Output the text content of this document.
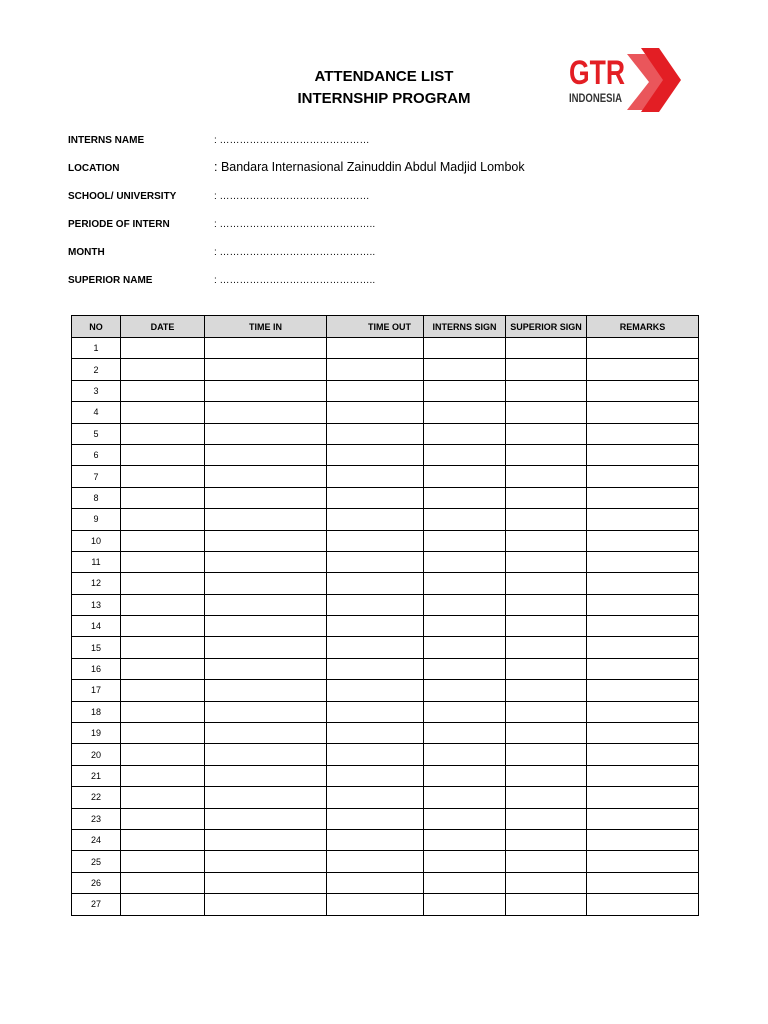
ATTENDANCE LIST
INTERNSHIP PROGRAM
GTR
INDONESIA
INTERNS NAME	: ………………………………………
LOCATION	: Bandara Internasional Zainuddin Abdul Madjid Lombok
SCHOOL/ UNIVERSITY	: ………………………………………
PERIODE OF INTERN	: ………………………………………..
MONTH	: ………………………………………..
SUPERIOR NAME	: ………………………………………..
NO	DATE	TIME IN	TIME OUT	INTERNS SIGN	SUPERIOR SIGN	REMARKS
1						
2						
3						
4						
5						
6						
7						
8						
9						
10						
11						
12						
13						
14						
15						
16						
17						
18						
19						
20						
21						
22						
23						
24						
25						
26						
27						
